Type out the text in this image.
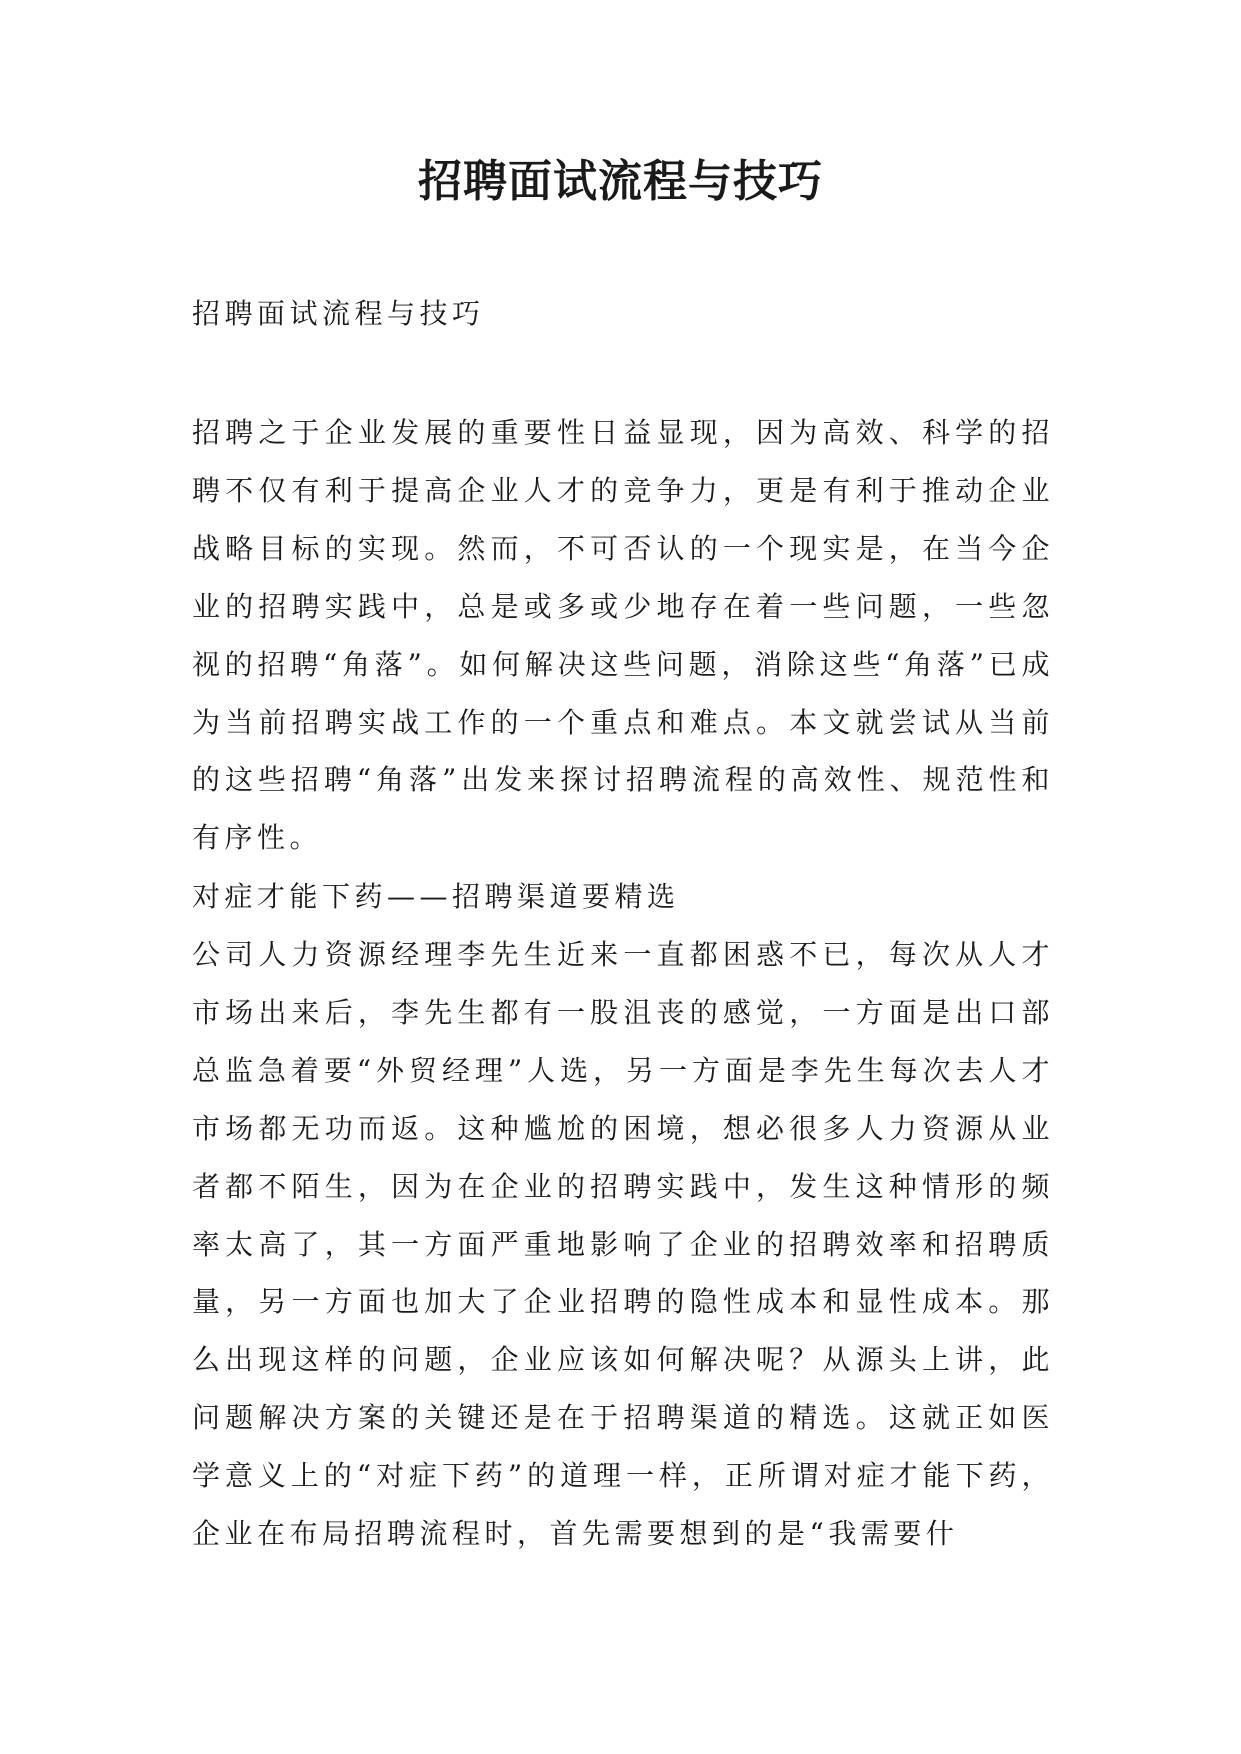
招聘面试流程与技巧

招聘面试流程与技巧

招聘之于企业发展的重要性日益显现，因为高效、科学的招聘不仅有利于提高企业人才的竞争力，更是有利于推动企业战略目标的实现。然而，不可否认的一个现实是，在当今企业的招聘实践中，总是或多或少地存在着一些问题，一些忽视的招聘“角落”。如何解决这些问题，消除这些“角落”已成为当前招聘实战工作的一个重点和难点。本文就尝试从当前的这些招聘“角落”出发来探讨招聘流程的高效性、规范性和有序性。

对症才能下药——招聘渠道要精选

公司人力资源经理李先生近来一直都困惑不已，每次从人才市场出来后，李先生都有一股沮丧的感觉，一方面是出口部总监急着要“外贸经理”人选，另一方面是李先生每次去人才市场都无功而返。这种尴尬的困境，想必很多人力资源从业者都不陌生，因为在企业的招聘实践中，发生这种情形的频率太高了，其一方面严重地影响了企业的招聘效率和招聘质量，另一方面也加大了企业招聘的隐性成本和显性成本。那么出现这样的问题，企业应该如何解决呢？从源头上讲，此问题解决方案的关键还是在于招聘渠道的精选。这就正如医学意义上的“对症下药”的道理一样，正所谓对症才能下药，企业在布局招聘流程时，首先需要想到的是“我需要什
